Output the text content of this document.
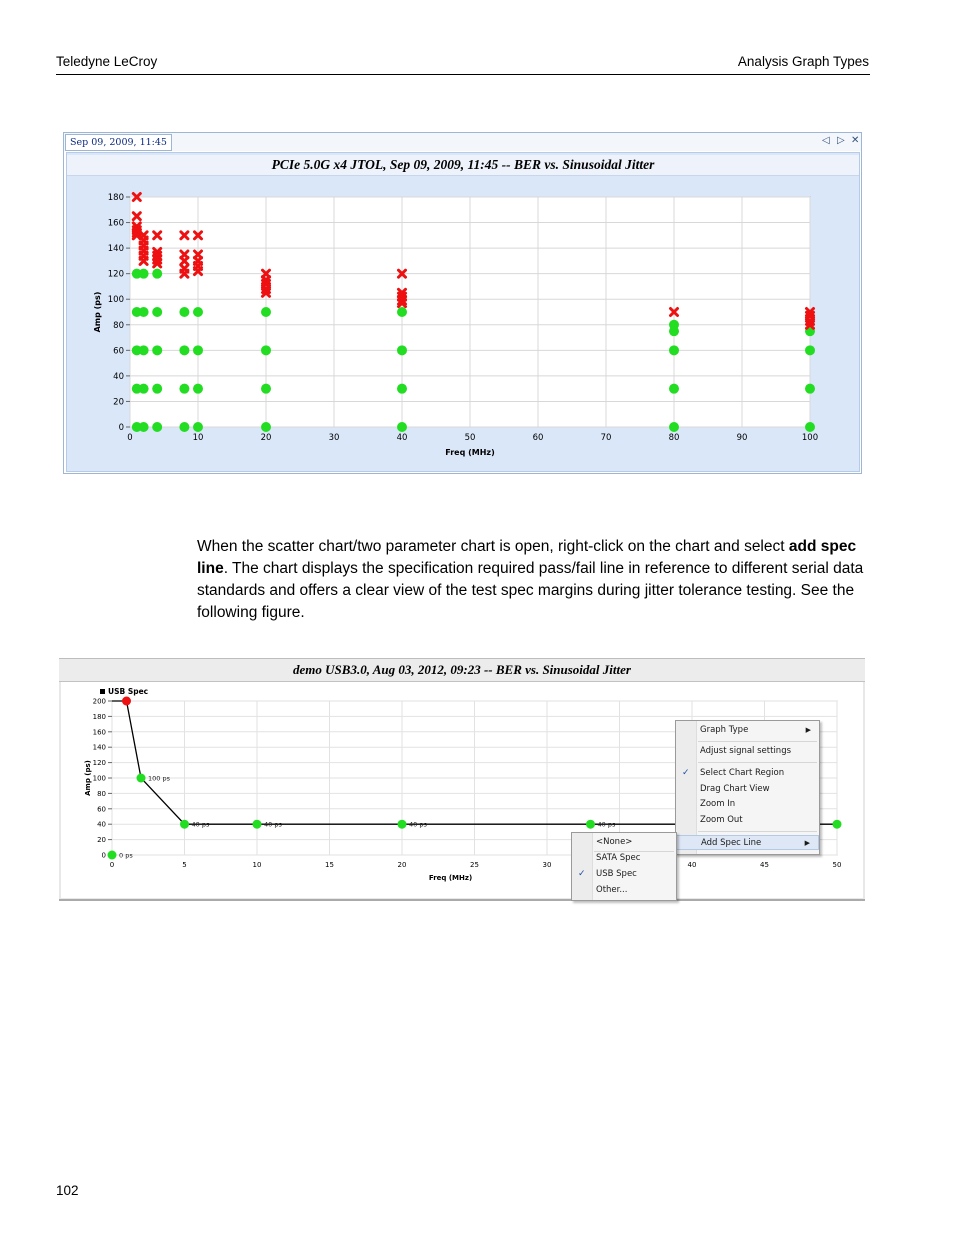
Teledyne LeCroy	Analysis Graph Types
Sep 09, 2009, 11:45	◁ ▷ ✕
PCIe 5.0G x4 JTOL, Sep 09, 2009, 11:45 -- BER vs. Sinusoidal Jitter
0	10	20	30	40	50	60	70	80	90	100
0
20
40
60
80
100
120
140
160
180
Freq (MHz)
Amp (ps)
When the scatter chart/two parameter chart is open, right-click on the chart and select add spec line. The chart displays the specification required pass/fail line in reference to different serial data standards and offers a clear view of the test spec margins during jitter tolerance testing. See the following figure.
demo USB3.0, Aug 03, 2012, 09:23 -- BER vs. Sinusoidal Jitter
0	5	10	15	20	25	30	40	45	50
0
20
40
60
80
100
120
140
160
180
200
Freq (MHz)
Amp (ps)
USB Spec
0 ps
100 ps
40 ps	40 ps	40 ps	40 ps
Graph Type	▶
Adjust signal settings
✓ Select Chart Region
Drag Chart View
Zoom In
Zoom Out
Add Spec Line	▶
<None>
SATA Spec
✓ USB Spec
Other...
102
